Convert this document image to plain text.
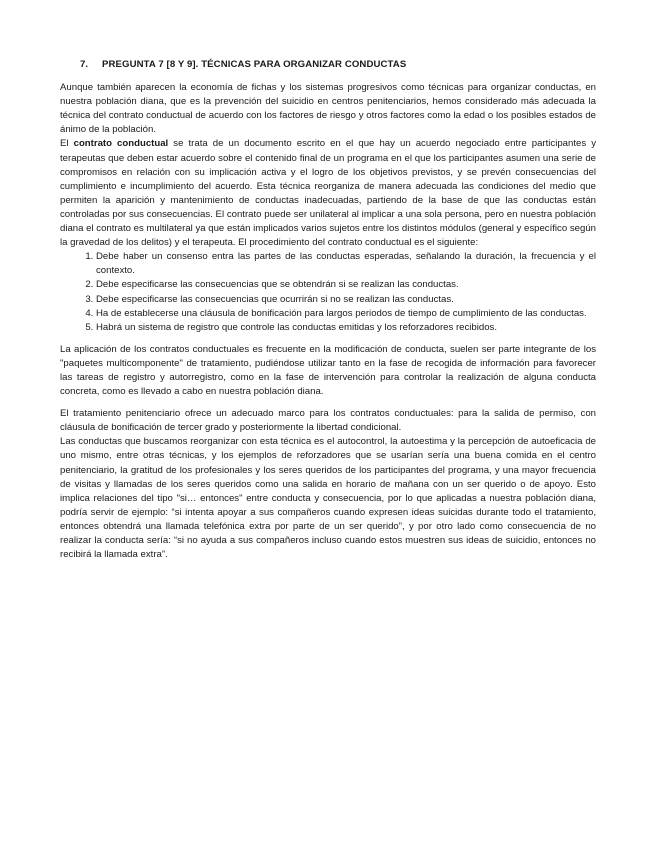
7. PREGUNTA 7 [8 Y 9]. TÉCNICAS PARA ORGANIZAR CONDUCTAS

Aunque también aparecen la economía de fichas y los sistemas progresivos como técnicas para organizar conductas, en nuestra población diana, que es la prevención del suicidio en centros penitenciarios, hemos considerado más adecuada la técnica del contrato conductual de acuerdo con los factores de riesgo y otros factores como la edad o los posibles estados de ánimo de la población.

El contrato conductual se trata de un documento escrito en el que hay un acuerdo negociado entre participantes y terapeutas que deben estar acuerdo sobre el contenido final de un programa en el que los participantes asumen una serie de compromisos en relación con su implicación activa y el logro de los objetivos previstos, y se prevén consecuencias del cumplimiento e incumplimiento del acuerdo. Esta técnica reorganiza de manera adecuada las condiciones del medio que permiten la aparición y mantenimiento de conductas inadecuadas, partiendo de la base de que las conductas están controladas por sus consecuencias. El contrato puede ser unilateral al implicar a una sola persona, pero en nuestra población diana el contrato es multilateral ya que están implicados varios sujetos entre los distintos módulos (general y específico según la gravedad de los delitos) y el terapeuta. El procedimiento del contrato conductual es el siguiente:

1. Debe haber un consenso entra las partes de las conductas esperadas, señalando la duración, la frecuencia y el contexto.
2. Debe especificarse las consecuencias que se obtendrán si se realizan las conductas.
3. Debe especificarse las consecuencias que ocurrirán si no se realizan las conductas.
4. Ha de establecerse una cláusula de bonificación para largos periodos de tiempo de cumplimiento de las conductas.
5. Habrá un sistema de registro que controle las conductas emitidas y los reforzadores recibidos.

La aplicación de los contratos conductuales es frecuente en la modificación de conducta, suelen ser parte integrante de los "paquetes multicomponente" de tratamiento, pudiéndose utilizar tanto en la fase de recogida de información para favorecer las tareas de registro y autorregistro, como en la fase de intervención para controlar la realización de alguna conducta concreta, como es llevado a cabo en nuestra población diana.

El tratamiento penitenciario ofrece un adecuado marco para los contratos conductuales: para la salida de permiso, con cláusula de bonificación de tercer grado y posteriormente la libertad condicional.

Las conductas que buscamos reorganizar con esta técnica es el autocontrol, la autoestima y la percepción de autoeficacia de uno mismo, entre otras técnicas, y los ejemplos de reforzadores que se usarían sería una buena comida en el centro penitenciario, la gratitud de los profesionales y los seres queridos de los participantes del programa, y una mayor frecuencia de visitas y llamadas de los seres queridos como una salida en horario de mañana con un ser querido o de apoyo. Esto implica relaciones del tipo "si… entonces" entre conducta y consecuencia, por lo que aplicadas a nuestra población diana, podría servir de ejemplo: “si intenta apoyar a sus compañeros cuando expresen ideas suicidas durante todo el tratamiento, entonces obtendrá una llamada telefónica extra por parte de un ser querido”, y por otro lado como consecuencia de no realizar la conducta sería: “si no ayuda a sus compañeros incluso cuando estos muestren sus ideas de suicidio, entonces no recibirá la llamada extra”.
